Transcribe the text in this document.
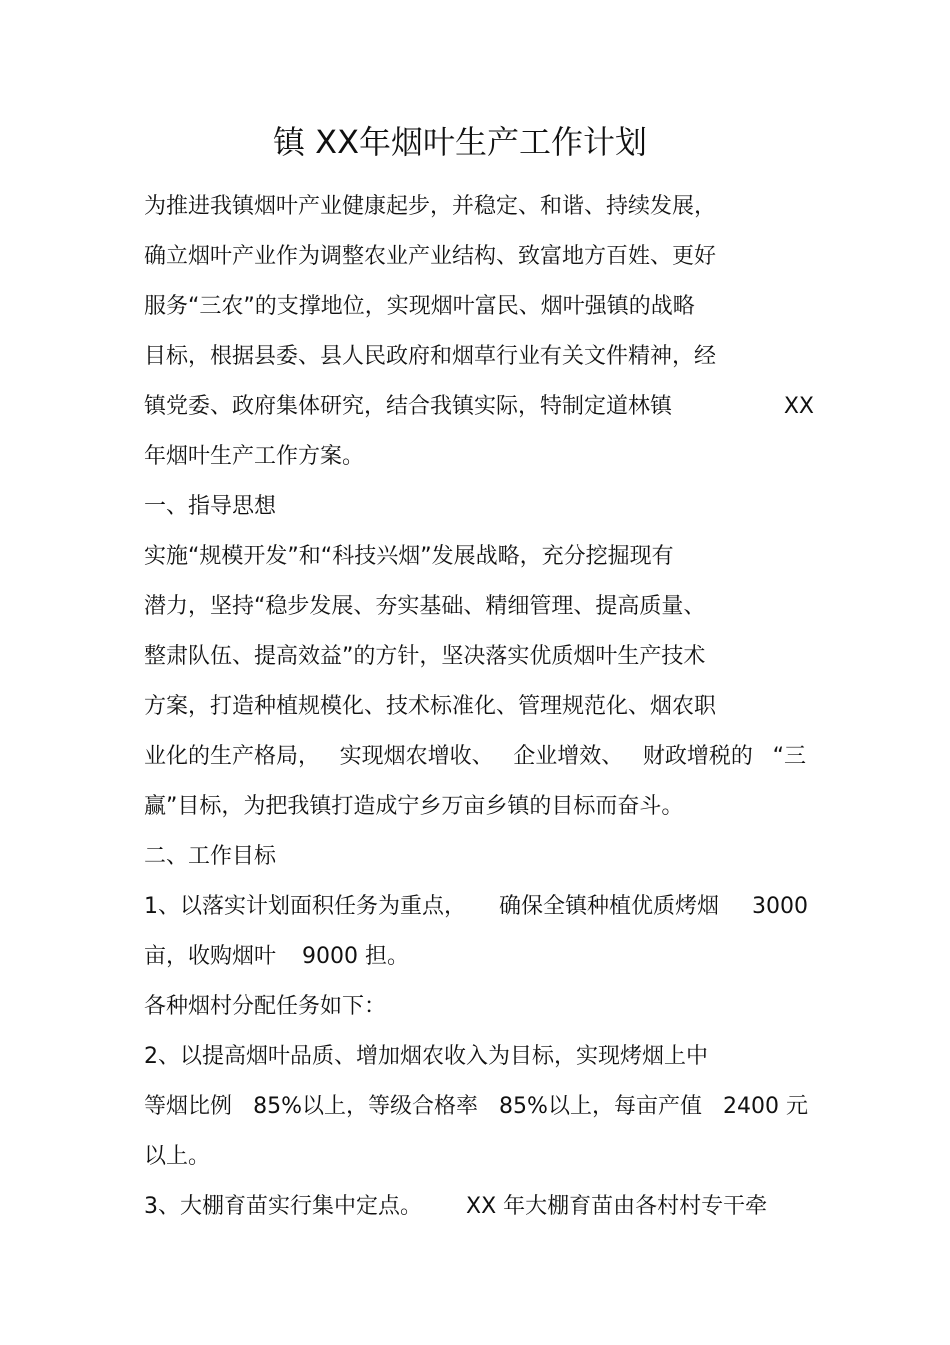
镇 XX年烟叶生产工作计划
为推进我镇烟叶产业健康起步，并稳定、和谐、持续发展，
确立烟叶产业作为调整农业产业结构、致富地方百姓、更好
服务“三农”的支撑地位，实现烟叶富民、烟叶强镇的战略
目标，根据县委、县人民政府和烟草行业有关文件精神，经
镇党委、政府集体研究，结合我镇实际，特制定道林镇	XX
年烟叶生产工作方案。
一、指导思想
实施“规模开发”和“科技兴烟”发展战略，充分挖掘现有
潜力，坚持“稳步发展、夯实基础、精细管理、提高质量、
整肃队伍、提高效益”的方针，坚决落实优质烟叶生产技术
方案，打造种植规模化、技术标准化、管理规范化、烟农职
业化的生产格局， 实现烟农增收、 企业增效、 财政增税的 “三
赢”目标，为把我镇打造成宁乡万亩乡镇的目标而奋斗。
二、工作目标
1、以落实计划面积任务为重点， 确保全镇种植优质烤烟 3000
亩，收购烟叶 9000 担。
各种烟村分配任务如下：
2、以提高烟叶品质、增加烟农收入为目标，实现烤烟上中
等烟比例 85%以上，等级合格率 85%以上，每亩产值 2400 元
以上。
3、大棚育苗实行集中定点。 XX 年大棚育苗由各村村专干牵
